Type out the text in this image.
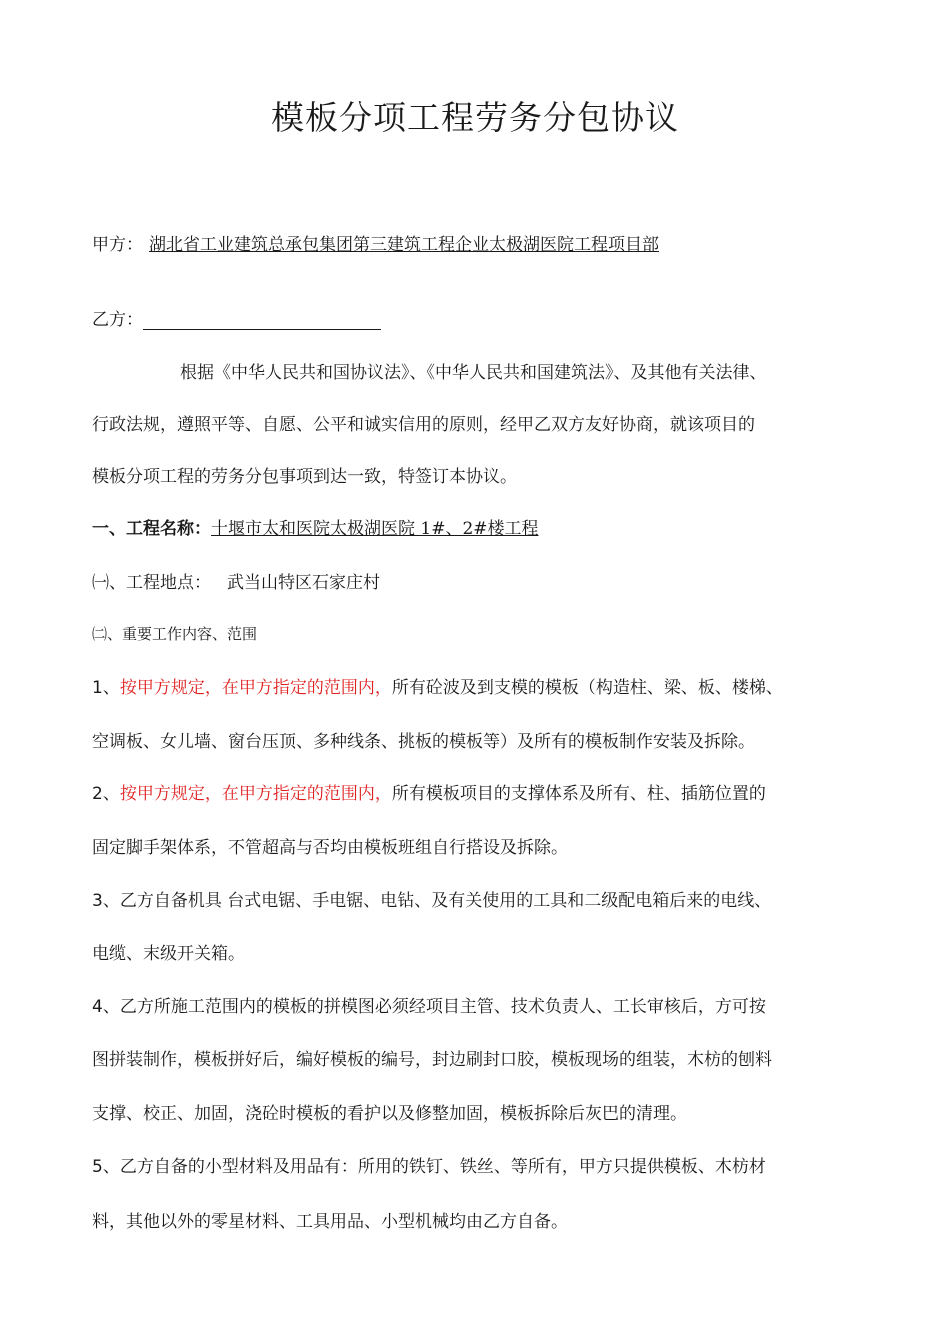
模板分项工程劳务分包协议
甲方： 湖北省工业建筑总承包集团第三建筑工程企业太极湖医院工程项目部
乙方：
根据《中华人民共和国协议法》、《中华人民共和国建筑法》、及其他有关法律、
行政法规，遵照平等、自愿、公平和诚实信用的原则，经甲乙双方友好协商，就该项目的
模板分项工程的劳务分包事项到达一致，特签订本协议。
一、工程名称：十堰市太和医院太极湖医院 1#、2#楼工程
㈠、工程地点： 武当山特区石家庄村
㈡、重要工作内容、范围
1、按甲方规定，在甲方指定的范围内，所有砼波及到支模的模板（构造柱、梁、板、楼梯、
空调板、女儿墙、窗台压顶、多种线条、挑板的模板等）及所有的模板制作安装及拆除。
2、按甲方规定，在甲方指定的范围内，所有模板项目的支撑体系及所有、柱、插筋位置的
固定脚手架体系，不管超高与否均由模板班组自行搭设及拆除。
3、乙方自备机具 台式电锯、手电锯、电钻、及有关使用的工具和二级配电箱后来的电线、
电缆、末级开关箱。
4、乙方所施工范围内的模板的拼模图必须经项目主管、技术负责人、工长审核后，方可按
图拼装制作，模板拼好后，编好模板的编号，封边刷封口胶，模板现场的组装，木枋的刨料
支撑、校正、加固，浇砼时模板的看护以及修整加固，模板拆除后灰巴的清理。
5、乙方自备的小型材料及用品有：所用的铁钉、铁丝、等所有，甲方只提供模板、木枋材
料，其他以外的零星材料、工具用品、小型机械均由乙方自备。
